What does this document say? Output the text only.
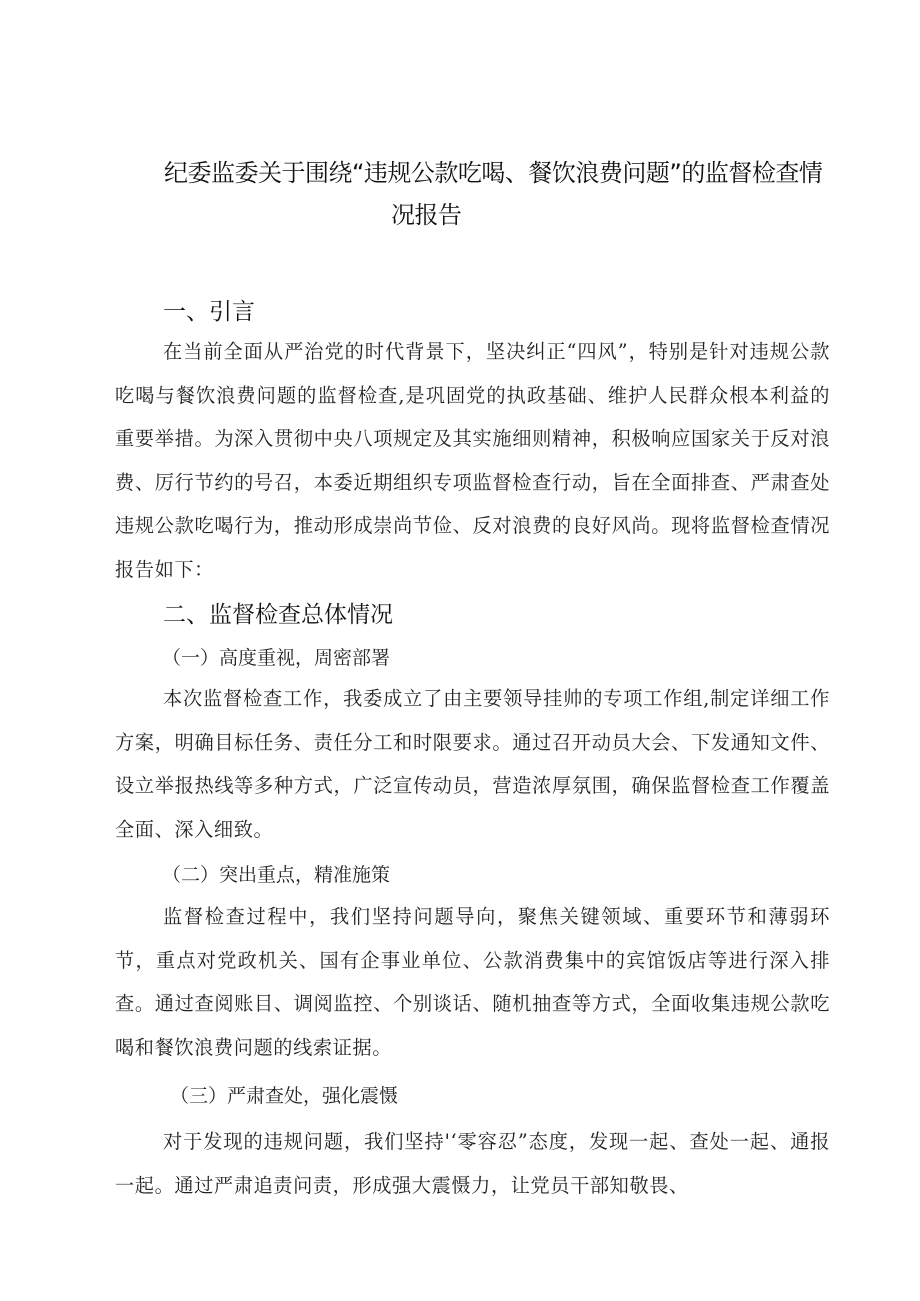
纪委监委关于围绕“违规公款吃喝、餐饮浪费问题”的监督检查情
况报告
一、引言

在当前全面从严治党的时代背景下，坚决纠正“四风”，特别是针对违规公款吃喝与餐饮浪费问题的监督检查,是巩固党的执政基础、维护人民群众根本利益的重要举措。为深入贯彻中央八项规定及其实施细则精神，积极响应国家关于反对浪费、厉行节约的号召，本委近期组织专项监督检查行动，旨在全面排查、严肃查处违规公款吃喝行为，推动形成崇尚节俭、反对浪费的良好风尚。现将监督检查情况报告如下：

二、监督检查总体情况
（一）高度重视，周密部署

本次监督检查工作，我委成立了由主要领导挂帅的专项工作组,制定详细工作方案，明确目标任务、责任分工和时限要求。通过召开动员大会、下发通知文件、设立举报热线等多种方式，广泛宣传动员，营造浓厚氛围，确保监督检查工作覆盖全面、深入细致。

（二）突出重点，精准施策

监督检查过程中，我们坚持问题导向，聚焦关键领域、重要环节和薄弱环节，重点对党政机关、国有企事业单位、公款消费集中的宾馆饭店等进行深入排查。通过查阅账目、调阅监控、个别谈话、随机抽查等方式，全面收集违规公款吃喝和餐饮浪费问题的线索证据。

（三）严肃查处，强化震慑

对于发现的违规问题，我们坚持'‘零容忍”态度，发现一起、查处一起、通报一起。通过严肃追责问责，形成强大震慑力，让党员干部知敬畏、
